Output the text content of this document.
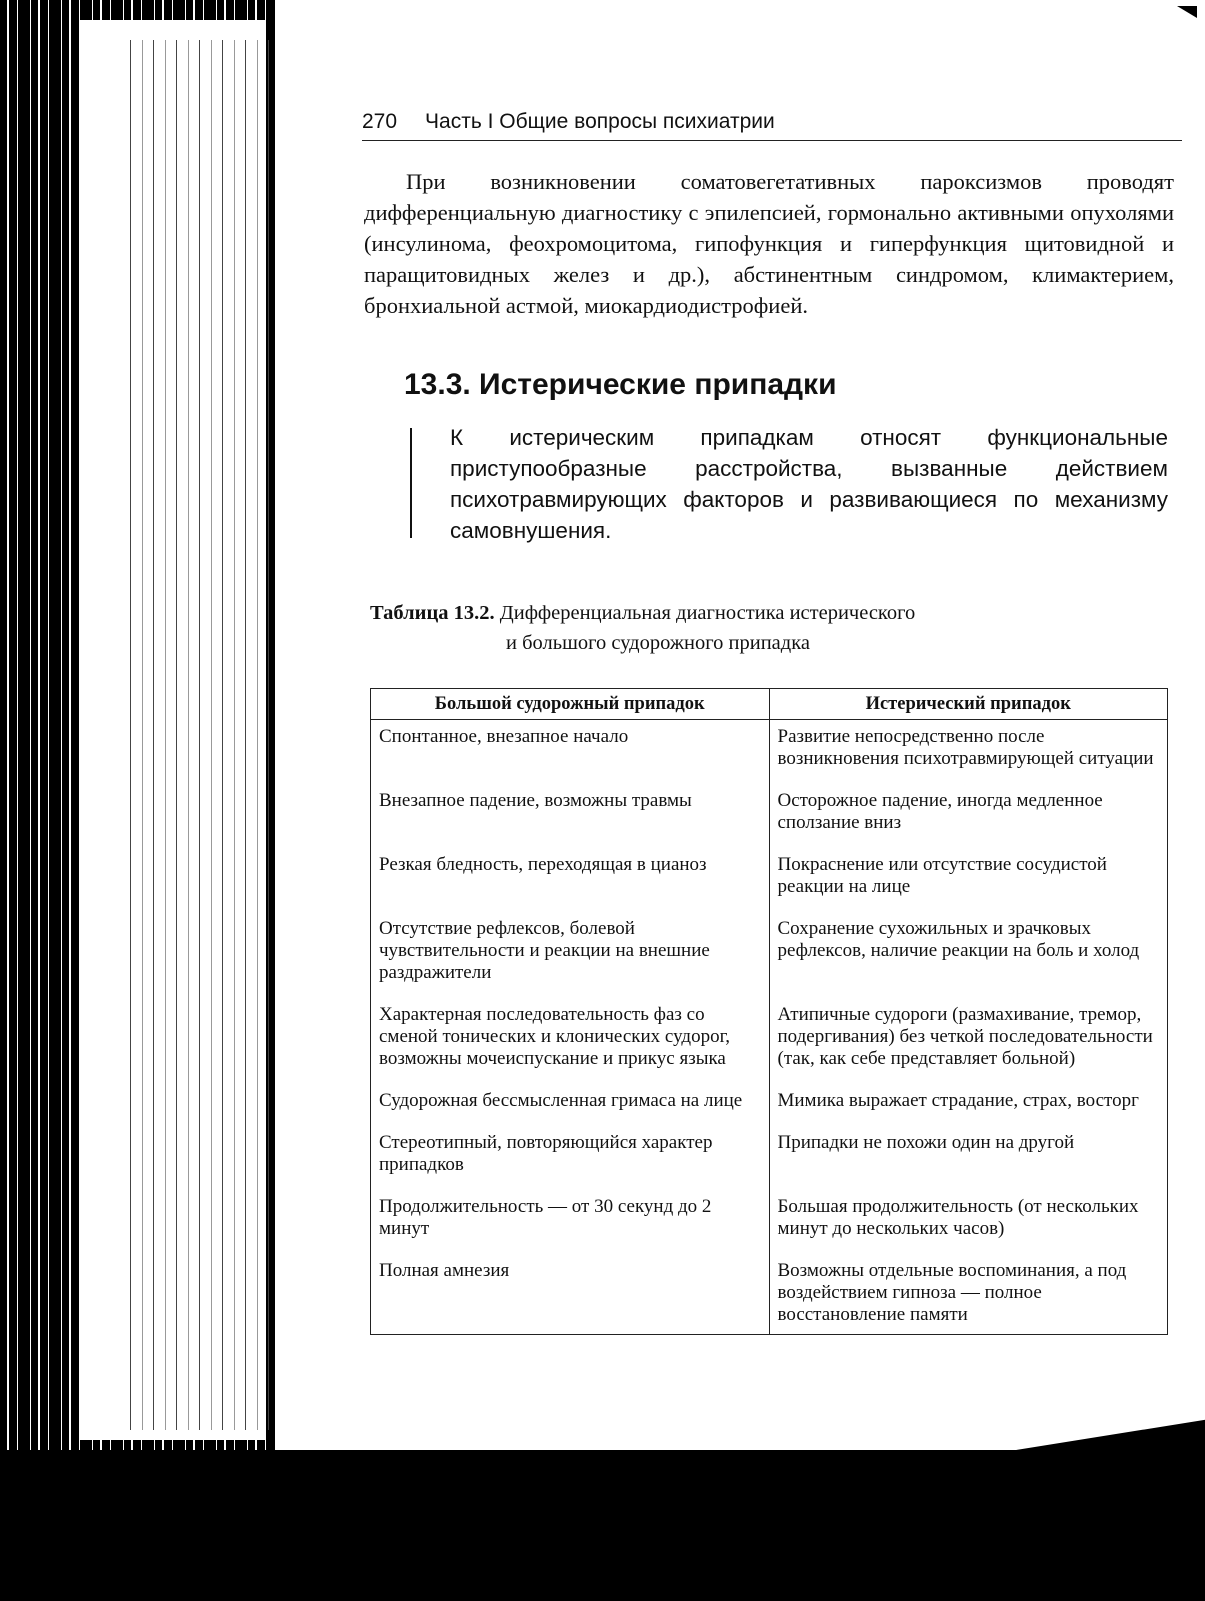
270 Часть I Общие вопросы психиатрии
При возникновении соматовегетативных пароксизмов проводят дифференциальную диагностику с эпилепсией, гормонально активными опухолями (инсулинома, феохромоцитома, гипофункция и гиперфункция щитовидной и паращитовидных желез и др.), абстинентным синдромом, климактерием, бронхиальной астмой, миокардиодистрофией.
13.3. Истерические припадки
К истерическим припадкам относят функциональные приступообразные расстройства, вызванные действием психотравмирующих факторов и развивающиеся по механизму самовнушения.
Таблица 13.2. Дифференциальная диагностика истерического
и большого судорожного припадка
Большой судорожный припадок	Истерический припадок
Спонтанное, внезапное начало	Развитие непосредственно после возникновения психотравмирующей ситуации
Внезапное падение, возможны травмы	Осторожное падение, иногда медленное сползание вниз
Резкая бледность, переходящая в цианоз	Покраснение или отсутствие сосудистой реакции на лице
Отсутствие рефлексов, болевой чувствительности и реакции на внешние раздражители	Сохранение сухожильных и зрачковых рефлексов, наличие реакции на боль и холод
Характерная последовательность фаз со сменой тонических и клонических судорог, возможны мочеиспускание и прикус языка	Атипичные судороги (размахивание, тремор, подергивания) без четкой последовательности (так, как себе представляет больной)
Судорожная бессмысленная гримаса на лице	Мимика выражает страдание, страх, восторг
Стереотипный, повторяющийся характер припадков	Припадки не похожи один на другой
Продолжительность — от 30 секунд до 2 минут	Большая продолжительность (от нескольких минут до нескольких часов)
Полная амнезия	Возможны отдельные воспоминания, а под воздействием гипноза — полное восстановление памяти
